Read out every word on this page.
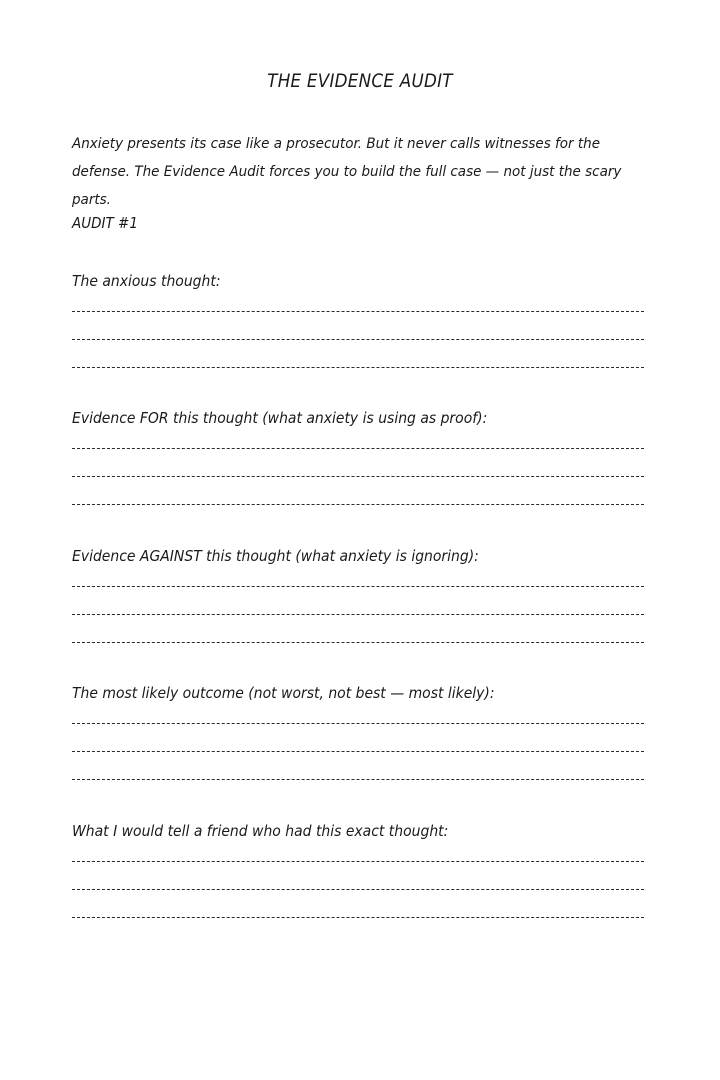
THE EVIDENCE AUDIT

Anxiety presents its case like a prosecutor. But it never calls witnesses for the defense. The Evidence Audit forces you to build the full case — not just the scary parts.

AUDIT #1

The anxious thought:

Evidence FOR this thought (what anxiety is using as proof):

Evidence AGAINST this thought (what anxiety is ignoring):

The most likely outcome (not worst, not best — most likely):

What I would tell a friend who had this exact thought:
